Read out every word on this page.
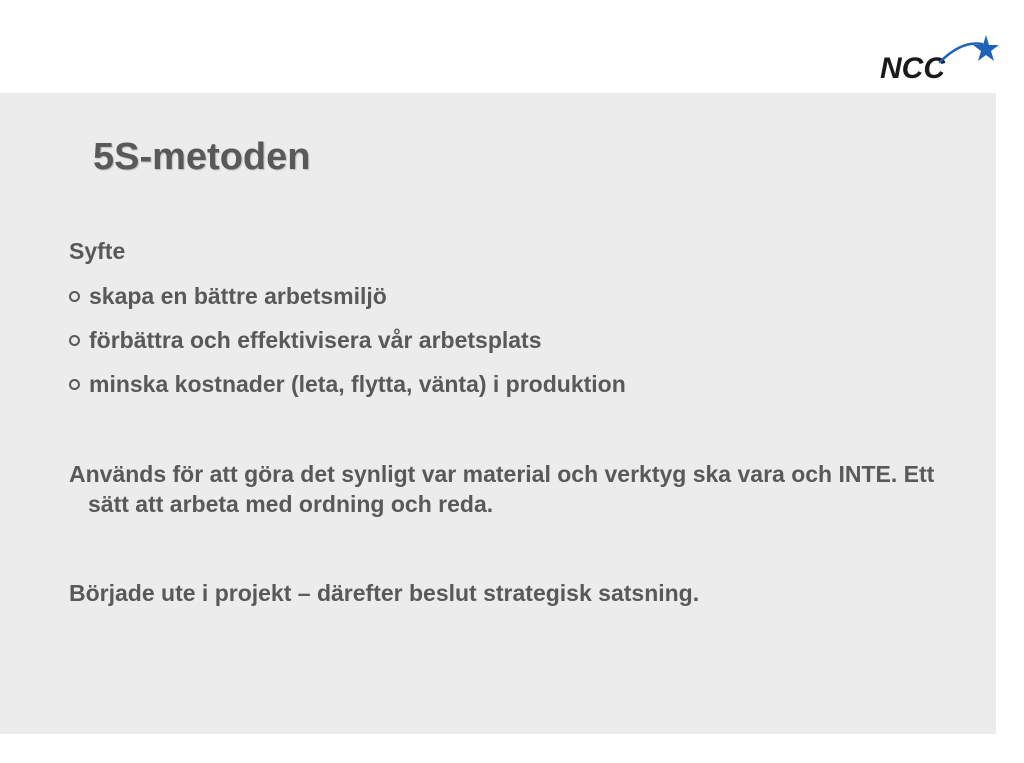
NCC
5S-metoden

Syfte

skapa en bättre arbetsmiljö
förbättra och effektivisera vår arbetsplats
minska kostnader (leta, flytta, vänta) i produktion

Används för att göra det synligt var material och verktyg ska vara och INTE. Ett sätt att arbeta med ordning och reda.

Började ute i projekt – därefter beslut strategisk satsning.
